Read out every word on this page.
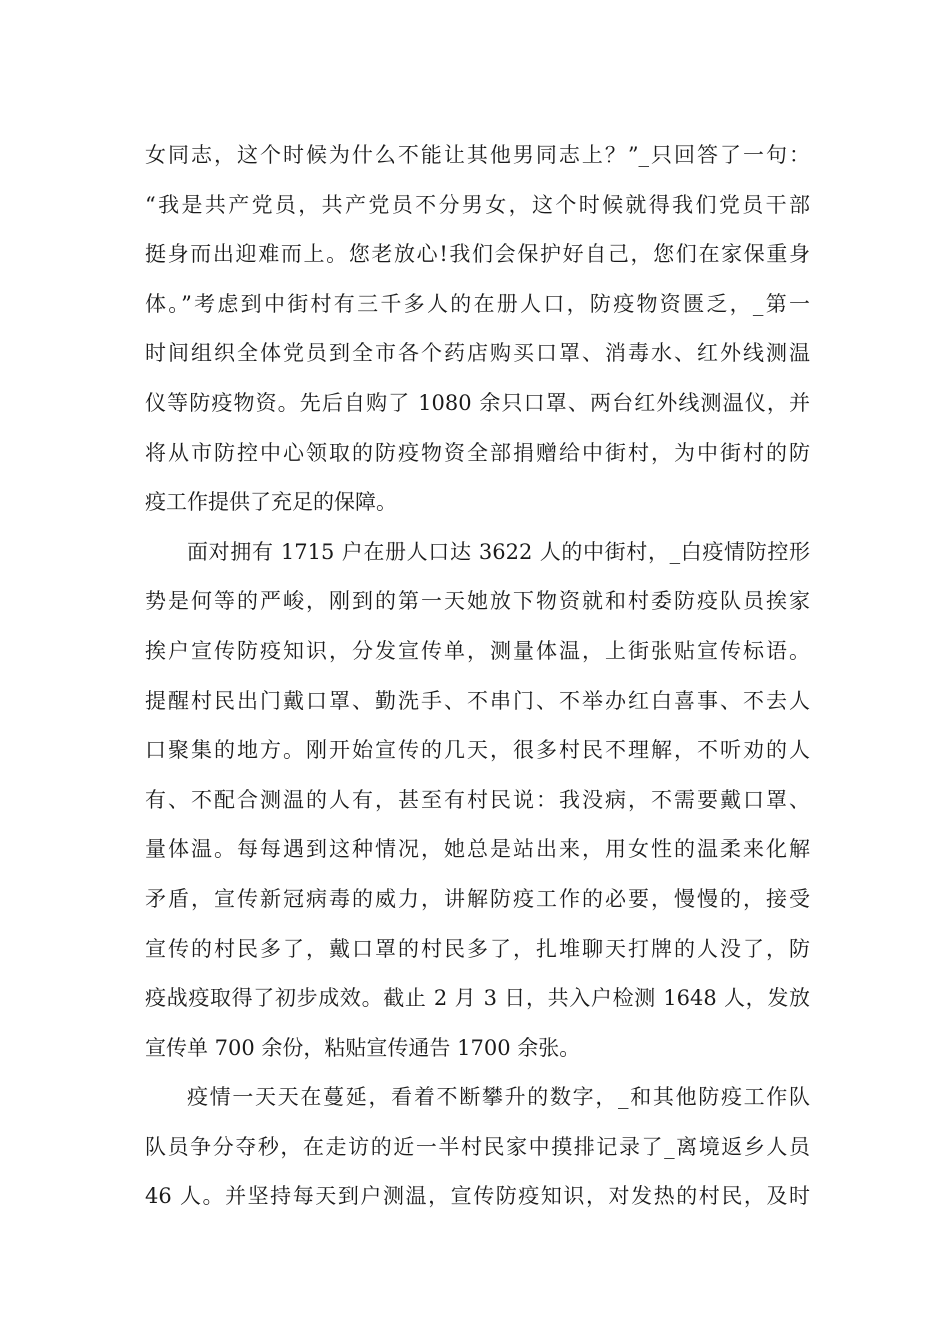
女同志，这个时候为什么不能让其他男同志上？”_只回答了一句：
“我是共产党员，共产党员不分男女，这个时候就得我们党员干部
挺身而出迎难而上。您老放心!我们会保护好自己，您们在家保重身
体。”考虑到中街村有三千多人的在册人口，防疫物资匮乏，_第一
时间组织全体党员到全市各个药店购买口罩、消毒水、红外线测温
仪等防疫物资。先后自购了 1080 余只口罩、两台红外线测温仪，并
将从市防控中心领取的防疫物资全部捐赠给中街村，为中街村的防
疫工作提供了充足的保障。
面对拥有 1715 户在册人口达 3622 人的中街村，_白疫情防控形
势是何等的严峻，刚到的第一天她放下物资就和村委防疫队员挨家
挨户宣传防疫知识，分发宣传单，测量体温，上街张贴宣传标语。
提醒村民出门戴口罩、勤洗手、不串门、不举办红白喜事、不去人
口聚集的地方。刚开始宣传的几天，很多村民不理解，不听劝的人
有、不配合测温的人有，甚至有村民说：我没病，不需要戴口罩、
量体温。每每遇到这种情况，她总是站出来，用女性的温柔来化解
矛盾，宣传新冠病毒的威力，讲解防疫工作的必要，慢慢的，接受
宣传的村民多了，戴口罩的村民多了，扎堆聊天打牌的人没了，防
疫战疫取得了初步成效。截止 2 月 3 日，共入户检测 1648 人，发放
宣传单 700 余份，粘贴宣传通告 1700 余张。
疫情一天天在蔓延，看着不断攀升的数字，_和其他防疫工作队
队员争分夺秒，在走访的近一半村民家中摸排记录了_离境返乡人员
46 人。并坚持每天到户测温，宣传防疫知识，对发热的村民，及时
